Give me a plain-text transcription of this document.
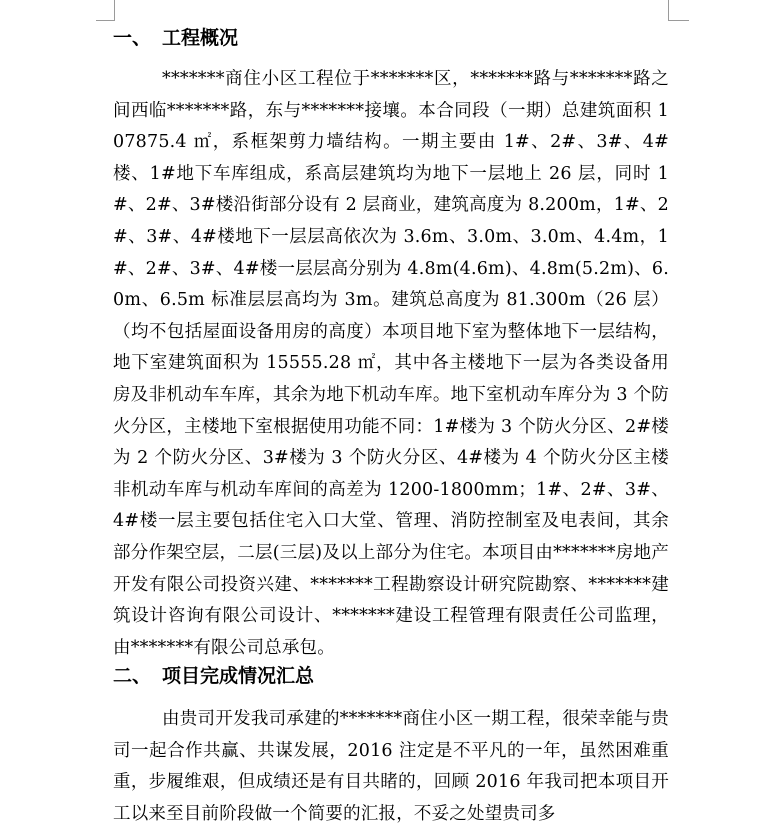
一、 工程概况
*******商住小区工程位于*******区，*******路与*******路之间西临*******路，东与*******接壤。本合同段（一期）总建筑面积 107875.4 ㎡，系框架剪力墙结构。一期主要由 1#、2#、3#、4#楼、1#地下车库组成，系高层建筑均为地下一层地上 26 层，同时 1#、2#、3#楼沿街部分设有 2 层商业，建筑高度为 8.200m，1#、2#、3#、4#楼地下一层层高依次为 3.6m、3.0m、3.0m、4.4m，1#、2#、3#、4#楼一层层高分别为 4.8m(4.6m)、4.8m(5.2m)、6.0m、6.5m 标准层层高均为 3m。建筑总高度为 81.300m（26 层）（均不包括屋面设备用房的高度）本项目地下室为整体地下一层结构，地下室建筑面积为 15555.28 ㎡，其中各主楼地下一层为各类设备用房及非机动车车库，其余为地下机动车库。地下室机动车库分为 3 个防火分区，主楼地下室根据使用功能不同：1#楼为 3 个防火分区、2#楼为 2 个防火分区、3#楼为 3 个防火分区、4#楼为 4 个防火分区主楼非机动车库与机动车库间的高差为 1200-1800mm；1#、2#、3#、4#楼一层主要包括住宅入口大堂、管理、消防控制室及电表间，其余部分作架空层，二层(三层)及以上部分为住宅。本项目由*******房地产开发有限公司投资兴建、*******工程勘察设计研究院勘察、*******建筑设计咨询有限公司设计、*******建设工程管理有限责任公司监理，由*******有限公司总承包。
二、 项目完成情况汇总
由贵司开发我司承建的*******商住小区一期工程，很荣幸能与贵司一起合作共赢、共谋发展，2016 注定是不平凡的一年，虽然困难重重，步履维艰，但成绩还是有目共睹的，回顾 2016 年我司把本项目开工以来至目前阶段做一个简要的汇报，不妥之处望贵司多
